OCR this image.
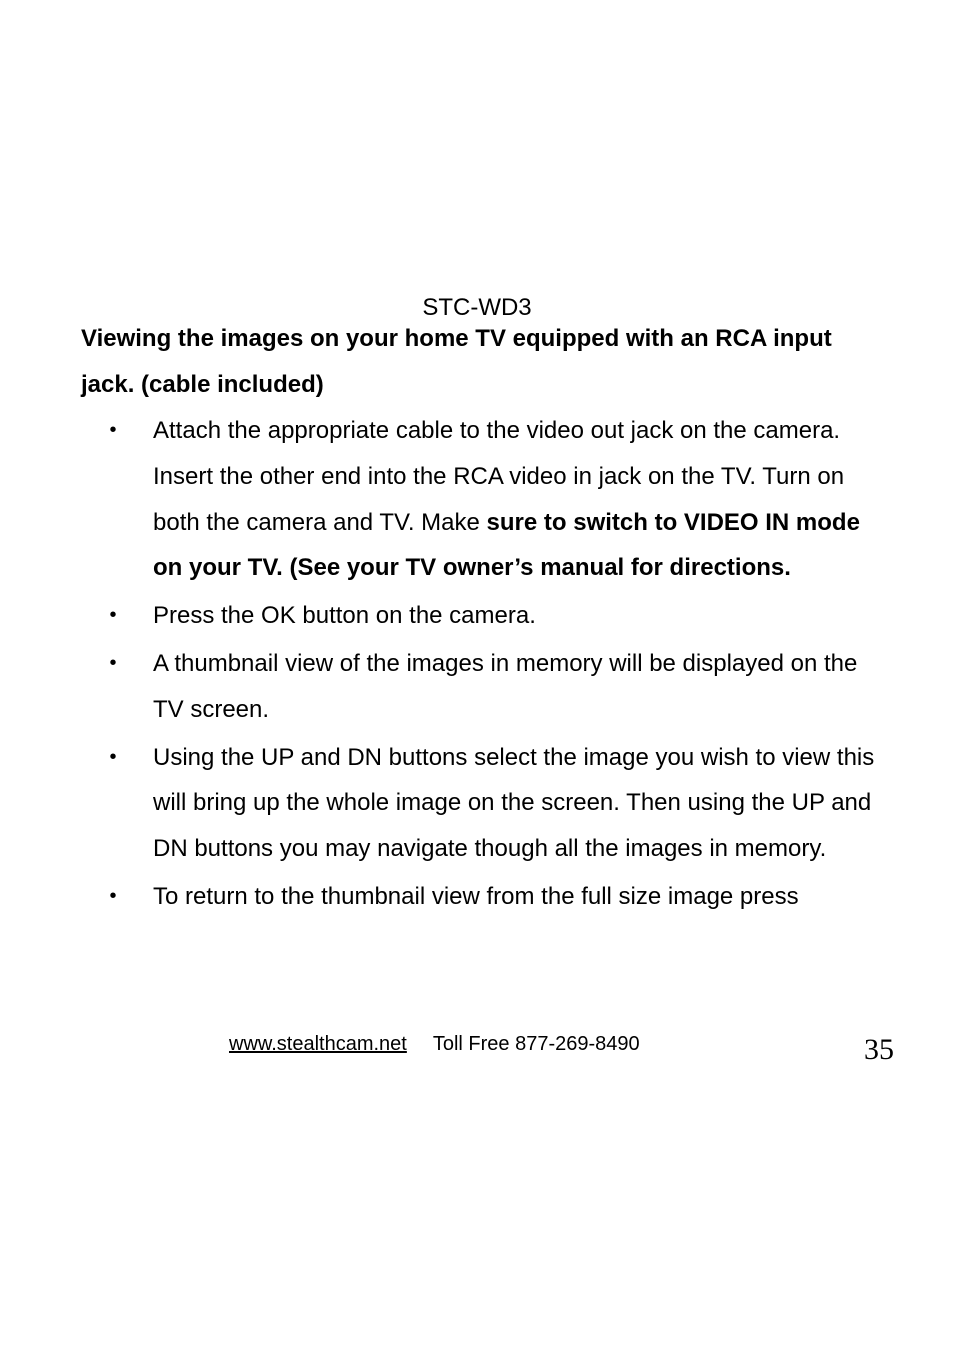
STC-WD3
Viewing the images on your home TV equipped with an RCA input jack. (cable included)
• Attach the appropriate cable to the video out jack on the camera. Insert the other end into the RCA video in jack on the TV. Turn on both the camera and TV. Make sure to switch to VIDEO IN mode on your TV. (See your TV owner’s manual for directions.
• Press the OK button on the camera.
• A thumbnail view of the images in memory will be displayed on the TV screen.
• Using the UP and DN buttons select the image you wish to view this will bring up the whole image on the screen. Then using the UP and DN buttons you may navigate though all the images in memory.
• To return to the thumbnail view from the full size image press
www.stealthcam.net Toll Free 877-269-8490	35
